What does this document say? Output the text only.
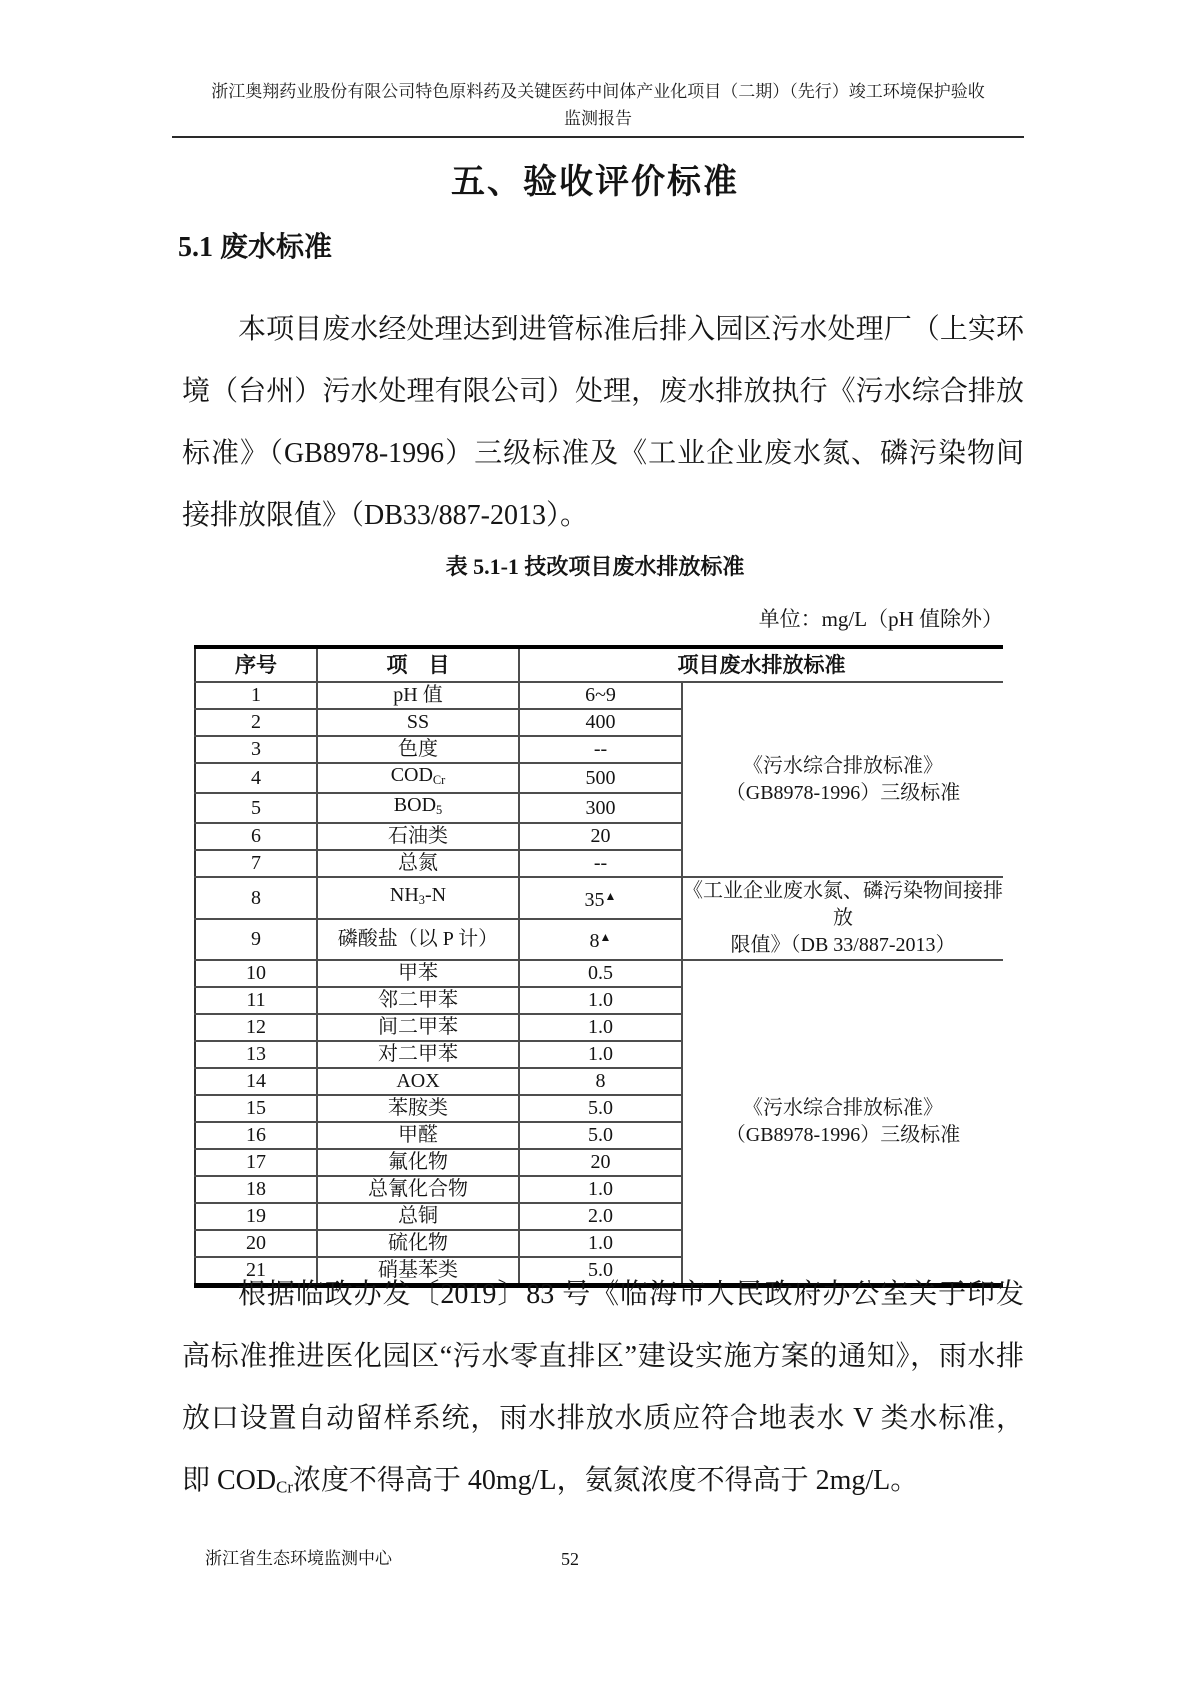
浙江奥翔药业股份有限公司特色原料药及关键医药中间体产业化项目（二期）（先行）竣工环境保护验收
监测报告
五、验收评价标准
5.1 废水标准
本项目废水经处理达到进管标准后排入园区污水处理厂（上实环
境（台州）污水处理有限公司）处理，废水排放执行《污水综合排放
标准》（GB8978-1996）三级标准及《工业企业废水氮、磷污染物间
接排放限值》（DB33/887-2013）。
表 5.1-1 技改项目废水排放标准
单位：mg/L（pH 值除外）
序号	项　目	项目废水排放标准	
1	pH 值	6~9	《污水综合排放标准》
（GB8978-1996）三级标准

2	SS	400	
3	色度	--	
4	$COD_{Cr}$	500	
5	$BOD_5$	300	
6	石油类	20	
7	总氮	--	
8	$NH_3-N$	35▲	《工业企业废水氮、磷污染物间接排放
限值》（DB 33/887-2013）

9	磷酸盐（以 P 计）	8▲
10	甲苯	0.5	《污水综合排放标准》
（GB8978-1996）三级标准

11	邻二甲苯	1.0	
12	间二甲苯	1.0	
13	对二甲苯	1.0	
14	AOX	8	
15	苯胺类	5.0	
16	甲醛	5.0	
17	氟化物	20	
18	总氰化合物	1.0	
19	总铜	2.0	
20	硫化物	1.0	
21	硝基苯类	5.0	
根据临政办发〔2019〕83 号《临海市人民政府办公室关于印发
高标准推进医化园区“污水零直排区”建设实施方案的通知》，雨水排
放口设置自动留样系统，雨水排放水质应符合地表水 V 类水标准，
即 $COD_{Cr}$浓度不得高于 40mg/L，氨氮浓度不得高于 2mg/L。
浙江省生态环境监测中心	52
